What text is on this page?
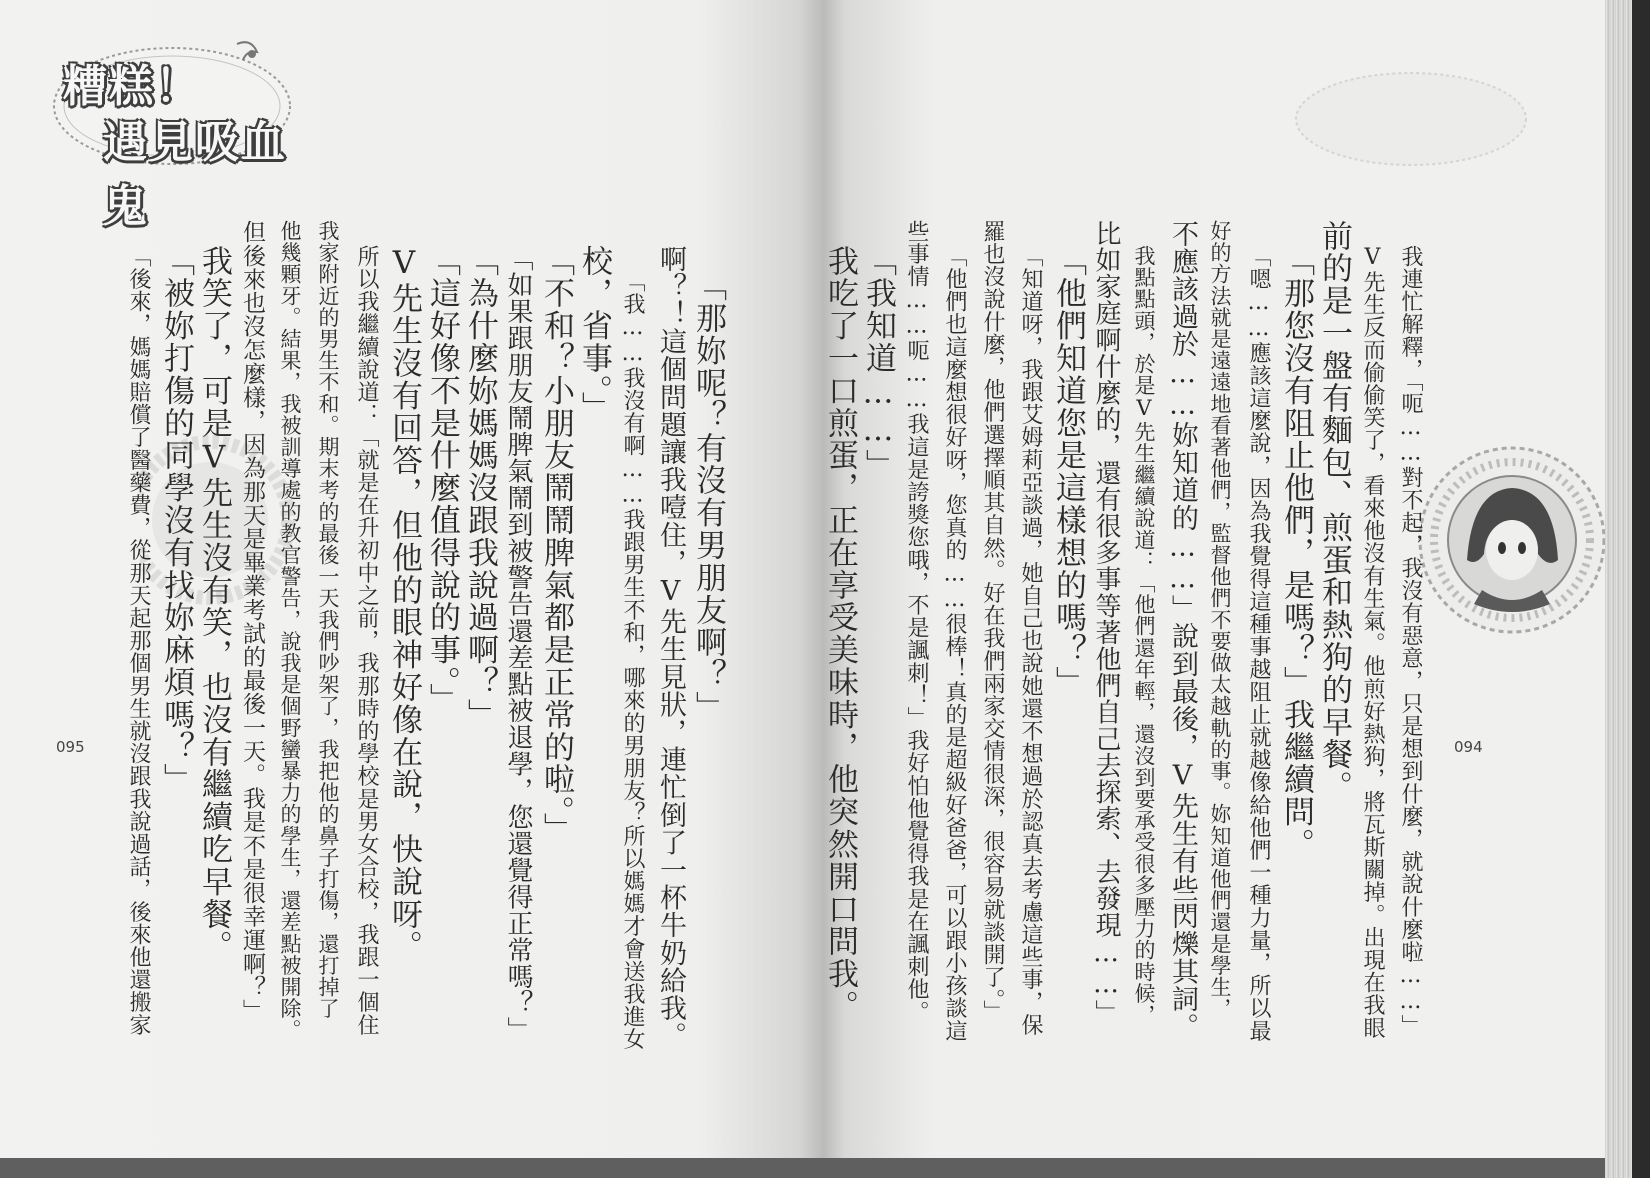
糟糕！
遇見吸血鬼
「那妳呢？有沒有男朋友啊？」
啊？！這個問題讓我噎住，V先生見狀，連忙倒了一杯牛奶給我。
「我……我沒有啊……我跟男生不和，哪來的男朋友？所以媽媽才會送我進女
校，省事。」
「不和？小朋友鬧鬧脾氣都是正常的啦。」
「如果跟朋友鬧脾氣鬧到被警告還差點被退學，您還覺得正常嗎？」
「為什麼妳媽媽沒跟我說過啊？」
「這好像不是什麼值得說的事。」
V先生沒有回答，但他的眼神好像在說，快說呀。
所以我繼續說道：「就是在升初中之前，我那時的學校是男女合校，我跟一個住
我家附近的男生不和。期末考的最後一天我們吵架了，我把他的鼻子打傷，還打掉了
他幾顆牙。結果，我被訓導處的教官警告，說我是個野蠻暴力的學生，還差點被開除。
但後來也沒怎麼樣，因為那天是畢業考試的最後一天。我是不是很幸運啊？」
我笑了，可是V先生沒有笑，也沒有繼續吃早餐。
「被妳打傷的同學沒有找妳麻煩嗎？」
「後來，媽媽賠償了醫藥費，從那天起那個男生就沒跟我說過話，後來他還搬家
095	我連忙解釋，「呃……對不起，我沒有惡意，只是想到什麼，就說什麼啦……」
V先生反而偷偷笑了，看來他沒有生氣。他煎好熱狗，將瓦斯關掉。出現在我眼
前的是一盤有麵包、煎蛋和熱狗的早餐。
「那您沒有阻止他們，是嗎？」我繼續問。
「嗯……應該這麼說，因為我覺得這種事越阻止就越像給他們一種力量，所以最
好的方法就是遠遠地看著他們，監督他們不要做太越軌的事。妳知道他們還是學生，
不應該過於……妳知道的……」說到最後，V先生有些閃爍其詞。
我點點頭，於是V先生繼續說道：「他們還年輕，還沒到要承受很多壓力的時候，
比如家庭啊什麼的，還有很多事等著他們自己去探索、去發現……」
「他們知道您是這樣想的嗎？」
「知道呀，我跟艾姆莉亞談過，她自己也說她還不想過於認真去考慮這些事，保
羅也沒說什麼，他們選擇順其自然。好在我們兩家交情很深，很容易就談開了。」
「他們也這麼想很好呀，您真的……很棒！真的是超級好爸爸，可以跟小孩談這
些事情……呃……我這是誇獎您哦，不是諷刺！」我好怕他覺得我是在諷刺他。
「我知道……」
我吃了一口煎蛋，正在享受美味時，他突然開口問我。	094
